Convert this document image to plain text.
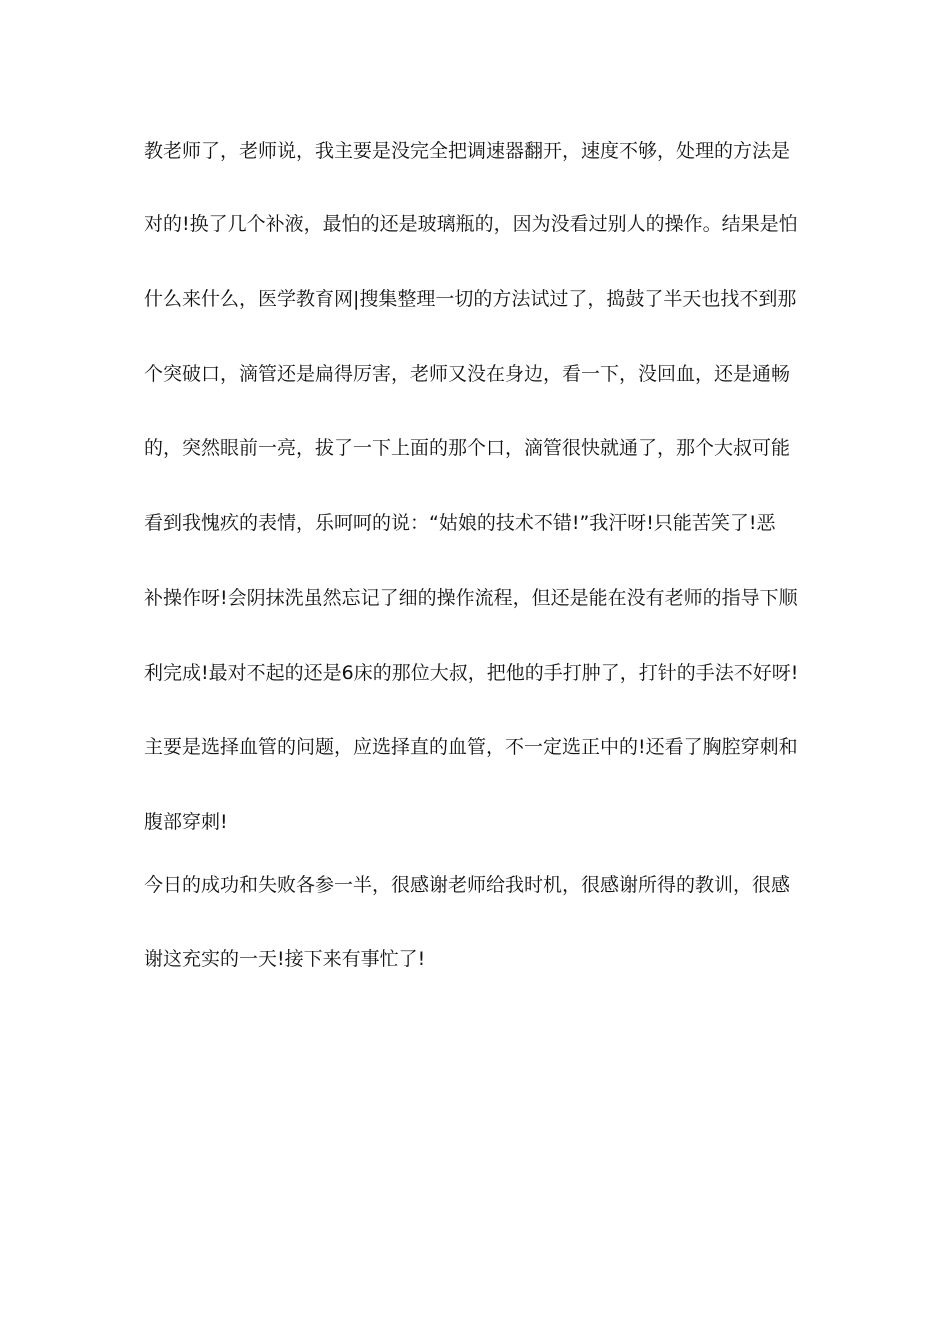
教老师了，老师说，我主要是没完全把调速器翻开，速度不够，处理的方法是
对的!换了几个补液，最怕的还是玻璃瓶的，因为没看过别人的操作。结果是怕
什么来什么，医学教育网|搜集整理一切的方法试过了，捣鼓了半天也找不到那
个突破口，滴管还是扁得厉害，老师又没在身边，看一下，没回血，还是通畅
的，突然眼前一亮，拔了一下上面的那个口，滴管很快就通了，那个大叔可能
看到我愧疚的表情，乐呵呵的说：“姑娘的技术不错!”我汗呀!只能苦笑了!恶
补操作呀!会阴抹洗虽然忘记了细的操作流程，但还是能在没有老师的指导下顺
利完成!最对不起的还是6床的那位大叔，把他的手打肿了，打针的手法不好呀!
主要是选择血管的问题，应选择直的血管，不一定选正中的!还看了胸腔穿刺和
腹部穿刺!
今日的成功和失败各参一半，很感谢老师给我时机，很感谢所得的教训，很感
谢这充实的一天!接下来有事忙了!
